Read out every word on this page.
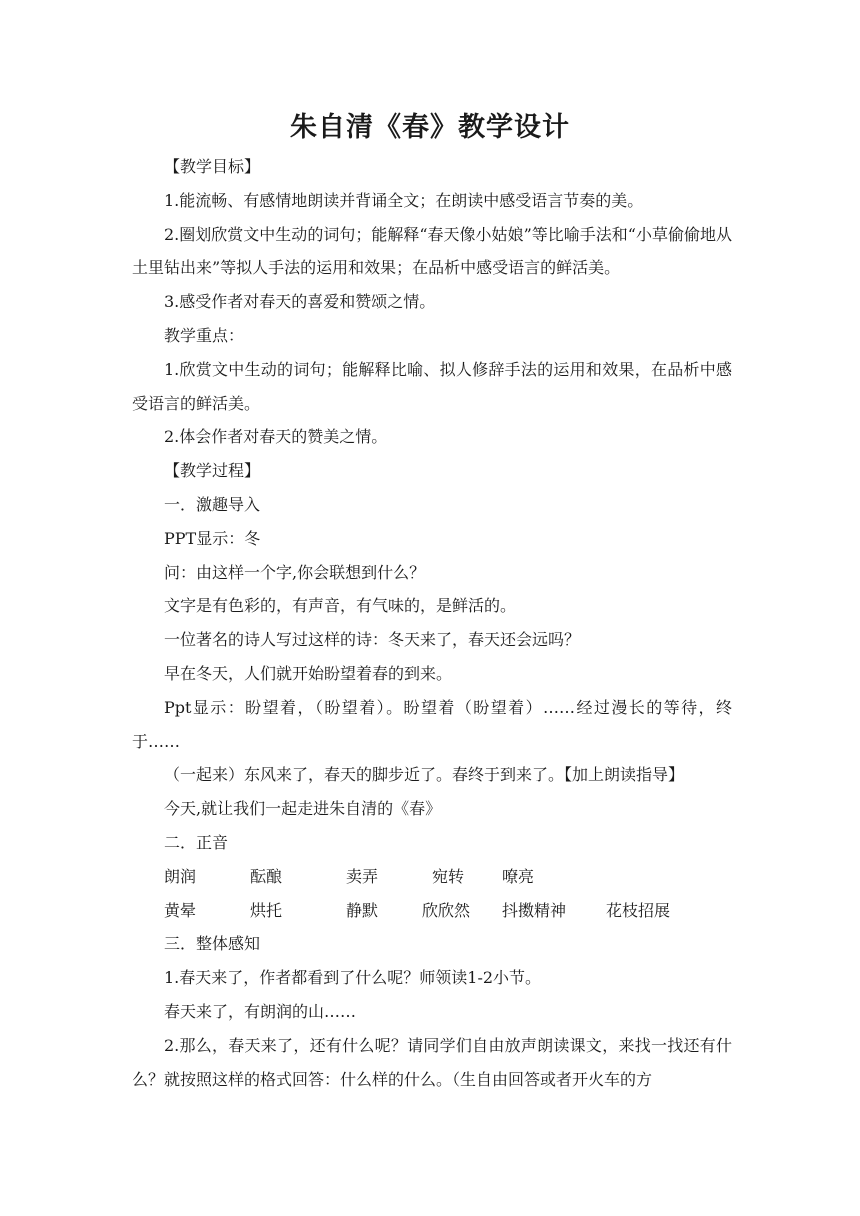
朱自清《春》教学设计

【教学目标】

1.能流畅、有感情地朗读并背诵全文；在朗读中感受语言节奏的美。

2.圈划欣赏文中生动的词句；能解释“春天像小姑娘”等比喻手法和“小草偷偷地从土里钻出来”等拟人手法的运用和效果；在品析中感受语言的鲜活美。

3.感受作者对春天的喜爱和赞颂之情。

教学重点：

1.欣赏文中生动的词句；能解释比喻、拟人修辞手法的运用和效果，在品析中感受语言的鲜活美。

2.体会作者对春天的赞美之情。

【教学过程】

一．激趣导入

PPT显示：冬

问：由这样一个字,你会联想到什么？

文字是有色彩的，有声音，有气味的，是鲜活的。

一位著名的诗人写过这样的诗：冬天来了，春天还会远吗？

早在冬天，人们就开始盼望着春的到来。

Ppt显示：盼望着，（盼望着）。盼望着（盼望着）……经过漫长的等待，终于……

（一起来）东风来了，春天的脚步近了。春终于到来了。【加上朗读指导】

今天,就让我们一起走进朱自清的《春》

二．正音

朗润	酝酿	卖弄	宛转 嘹亮
黄晕	烘托	静默	欣欣然 抖擞精神 花枝招展

三．整体感知

1.春天来了，作者都看到了什么呢？师领读1-2小节。

春天来了，有朗润的山……

2.那么，春天来了，还有什么呢？请同学们自由放声朗读课文，来找一找还有什么？就按照这样的格式回答：什么样的什么。（生自由回答或者开火车的方
